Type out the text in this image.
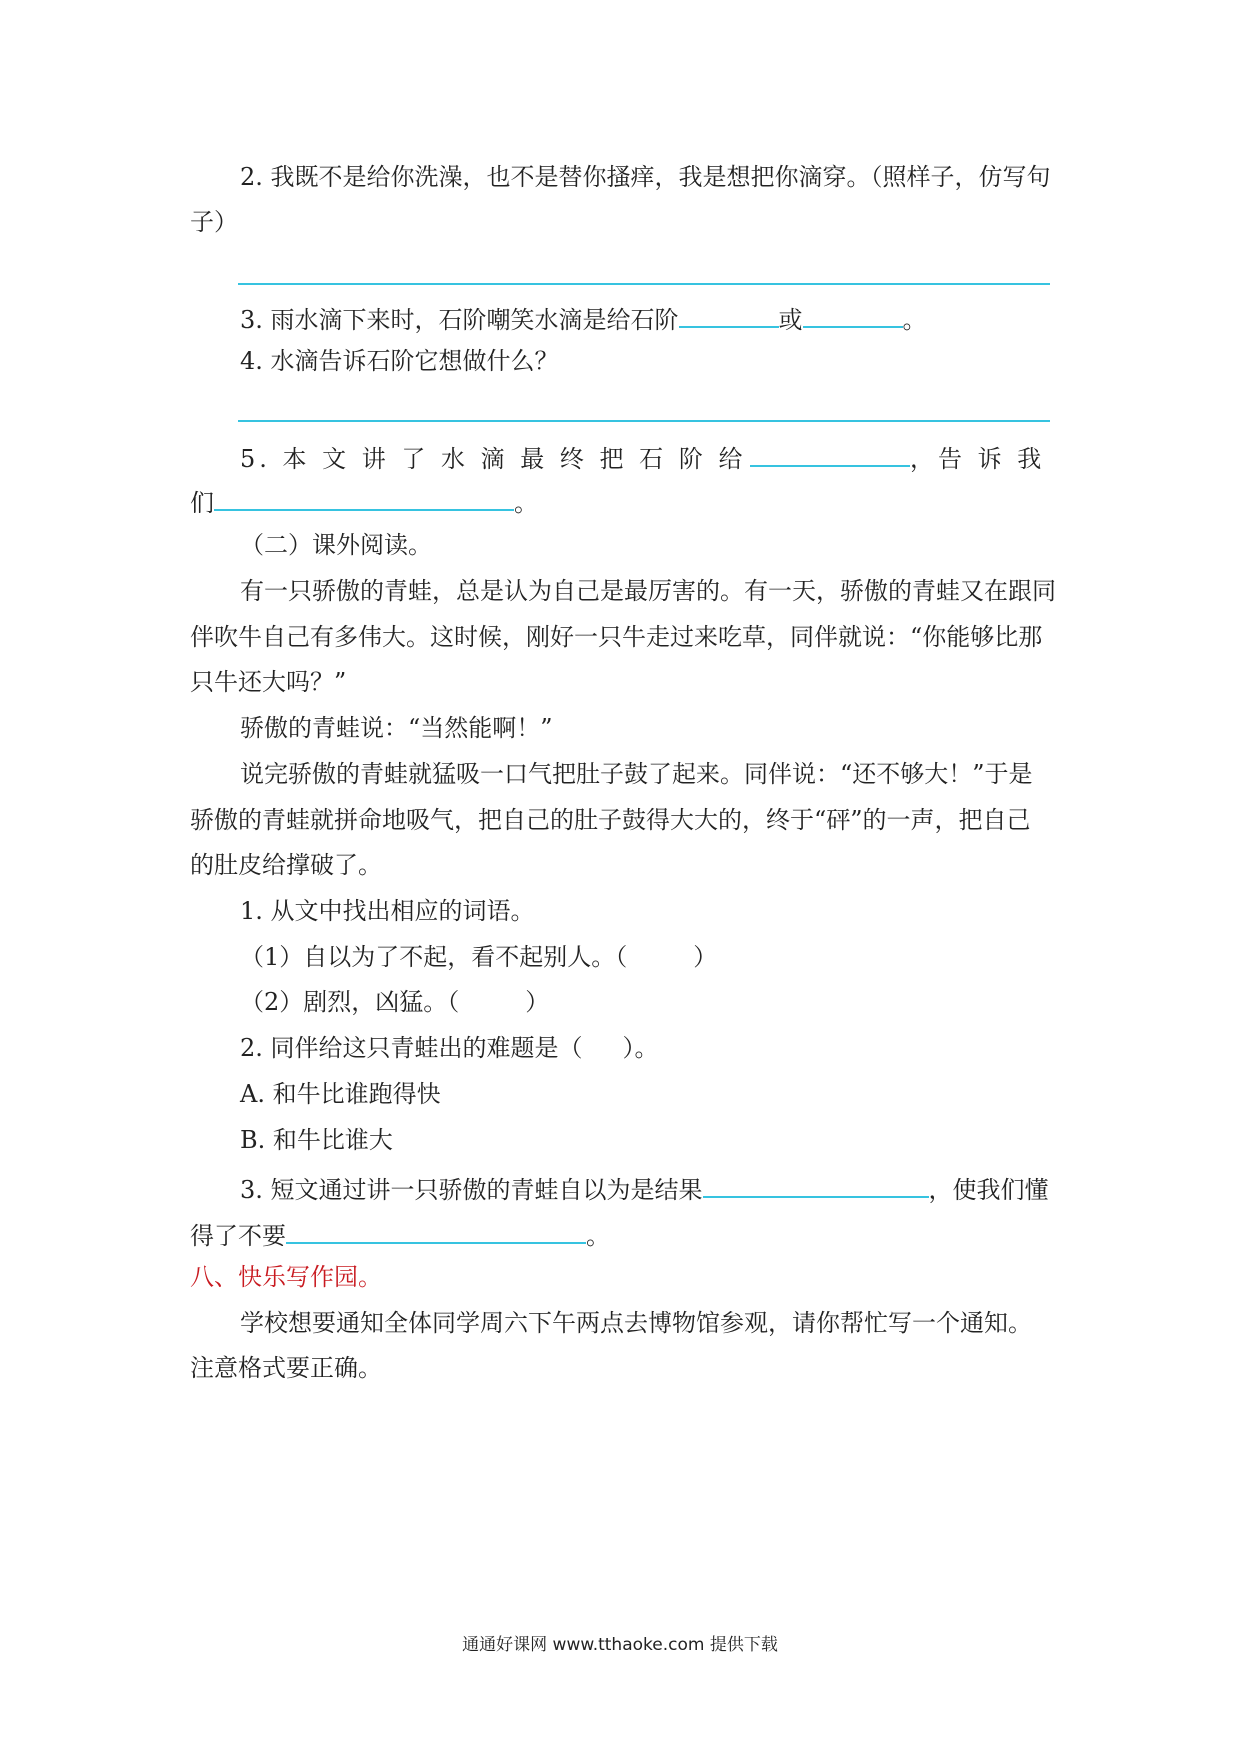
2. 我既不是给你洗澡，也不是替你搔痒，我是想把你滴穿。（照样子，仿写句
子）
3. 雨水滴下来时，石阶嘲笑水滴是给石阶	或	。
4. 水滴告诉石阶它想做什么？
5. 本 文 讲 了 水 滴 最 终 把 石 阶 给	，告 诉 我
们	。
（二）课外阅读。
有一只骄傲的青蛙，总是认为自己是最厉害的。有一天，骄傲的青蛙又在跟同
伴吹牛自己有多伟大。这时候，刚好一只牛走过来吃草，同伴就说：“你能够比那
只牛还大吗？”
骄傲的青蛙说：“当然能啊！”
说完骄傲的青蛙就猛吸一口气把肚子鼓了起来。同伴说：“还不够大！”于是
骄傲的青蛙就拼命地吸气，把自己的肚子鼓得大大的，终于“砰”的一声，把自己
的肚皮给撑破了。
1. 从文中找出相应的词语。
（1）自以为了不起，看不起别人。（	）
（2）剧烈，凶猛。（	）
2. 同伴给这只青蛙出的难题是（ ）。
A. 和牛比谁跑得快
B. 和牛比谁大
3. 短文通过讲一只骄傲的青蛙自以为是结果	，使我们懂
得了不要	。
八、快乐写作园。
学校想要通知全体同学周六下午两点去博物馆参观，请你帮忙写一个通知。
注意格式要正确。
通通好课网 www.tthaoke.com 提供下载
